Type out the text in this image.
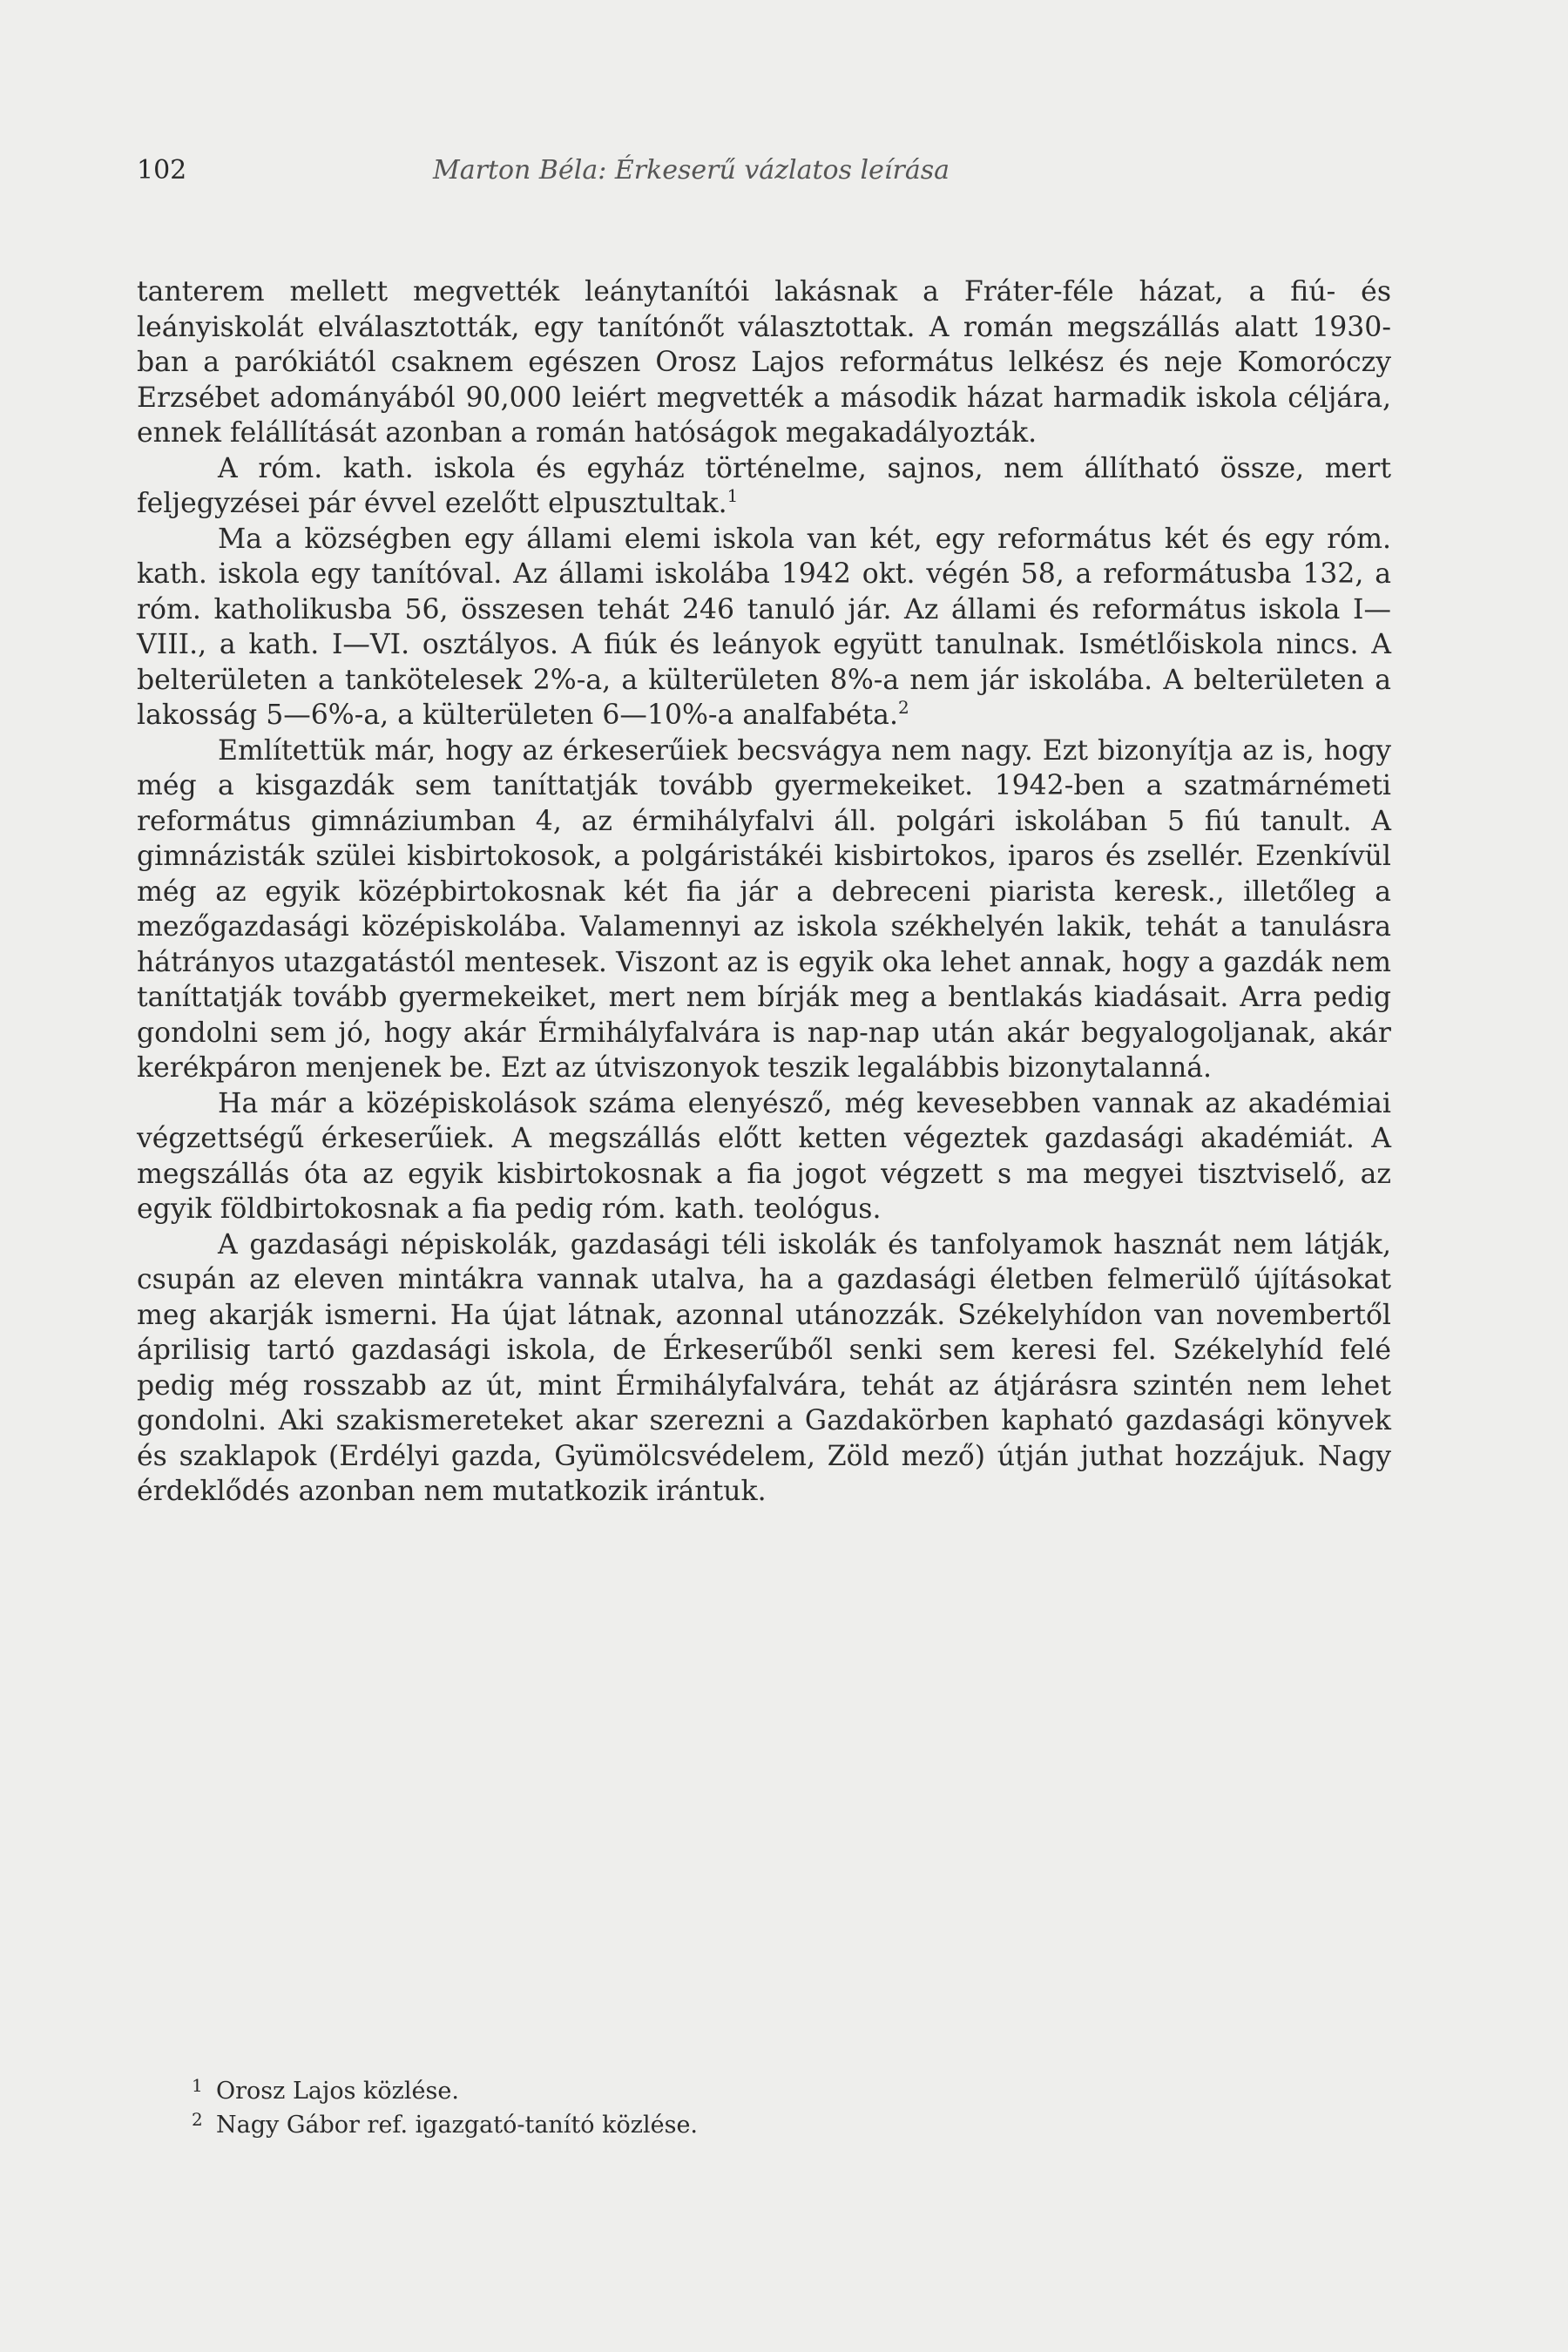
102	Marton Béla: Érkeserű vázlatos leírása

tanterem mellett megvették leánytanítói lakásnak a Fráter-féle házat, a fiú- és leányiskolát elválasztották, egy tanítónőt választottak. A román megszállás alatt 1930-ban a parókiától csaknem egészen Orosz Lajos református lelkész és neje Komoróczy Erzsébet adományából 90,000 leiért megvették a második házat harmadik iskola céljára, ennek felállítását azonban a román hatóságok megakadályozták.

A róm. kath. iskola és egyház történelme, sajnos, nem állítható össze, mert feljegyzései pár évvel ezelőtt elpusztultak.$^1$

Ma a községben egy állami elemi iskola van két, egy református két és egy róm. kath. iskola egy tanítóval. Az állami iskolába 1942 okt. végén 58, a reformátusba 132, a róm. katholikusba 56, összesen tehát 246 tanuló jár. Az állami és református iskola I—VIII., a kath. I—VI. osztályos. A fiúk és leányok együtt tanulnak. Ismétlőiskola nincs. A belterületen a tankötelesek 2%-a, a külterületen 8%-a nem jár iskolába. A belterületen a lakosság 5—6%-a, a külterületen 6—10%-a analfabéta.$^2$

Említettük már, hogy az érkeserűiek becsvágya nem nagy. Ezt bizonyítja az is, hogy még a kisgazdák sem taníttatják tovább gyermekeiket. 1942-ben a szatmárnémeti református gimnáziumban 4, az érmihályfalvi áll. polgári iskolában 5 fiú tanult. A gimnázisták szülei kisbirtokosok, a polgáristákéi kisbirtokos, iparos és zsellér. Ezenkívül még az egyik középbirtokosnak két fia jár a debreceni piarista keresk., illetőleg a mezőgazdasági középiskolába. Valamennyi az iskola székhelyén lakik, tehát a tanulásra hátrányos utazgatástól mentesek. Viszont az is egyik oka lehet annak, hogy a gazdák nem taníttatják tovább gyermekeiket, mert nem bírják meg a bentlakás kiadásait. Arra pedig gondolni sem jó, hogy akár Érmihályfalvára is nap-nap után akár begyalogoljanak, akár kerékpáron menjenek be. Ezt az útviszonyok teszik legalábbis bizonytalanná.

Ha már a középiskolások száma elenyésző, még kevesebben vannak az akadémiai végzettségű érkeserűiek. A megszállás előtt ketten végeztek gazdasági akadémiát. A megszállás óta az egyik kisbirtokosnak a fia jogot végzett s ma megyei tisztviselő, az egyik földbirtokosnak a fia pedig róm. kath. teológus.

A gazdasági népiskolák, gazdasági téli iskolák és tanfolyamok hasznát nem látják, csupán az eleven mintákra vannak utalva, ha a gazdasági életben felmerülő újításokat meg akarják ismerni. Ha újat látnak, azonnal utánozzák. Székelyhídon van novembertől áprilisig tartó gazdasági iskola, de Érkeserűből senki sem keresi fel. Székelyhíd felé pedig még rosszabb az út, mint Érmihályfalvára, tehát az átjárásra szintén nem lehet gondolni. Aki szakismereteket akar szerezni a Gazdakörben kapható gazdasági könyvek és szaklapok (Erdélyi gazda, Gyümölcsvédelem, Zöld mező) útján juthat hozzájuk. Nagy érdeklődés azonban nem mutatkozik irántuk.

1 Orosz Lajos közlése.

2 Nagy Gábor ref. igazgató-tanító közlése.
